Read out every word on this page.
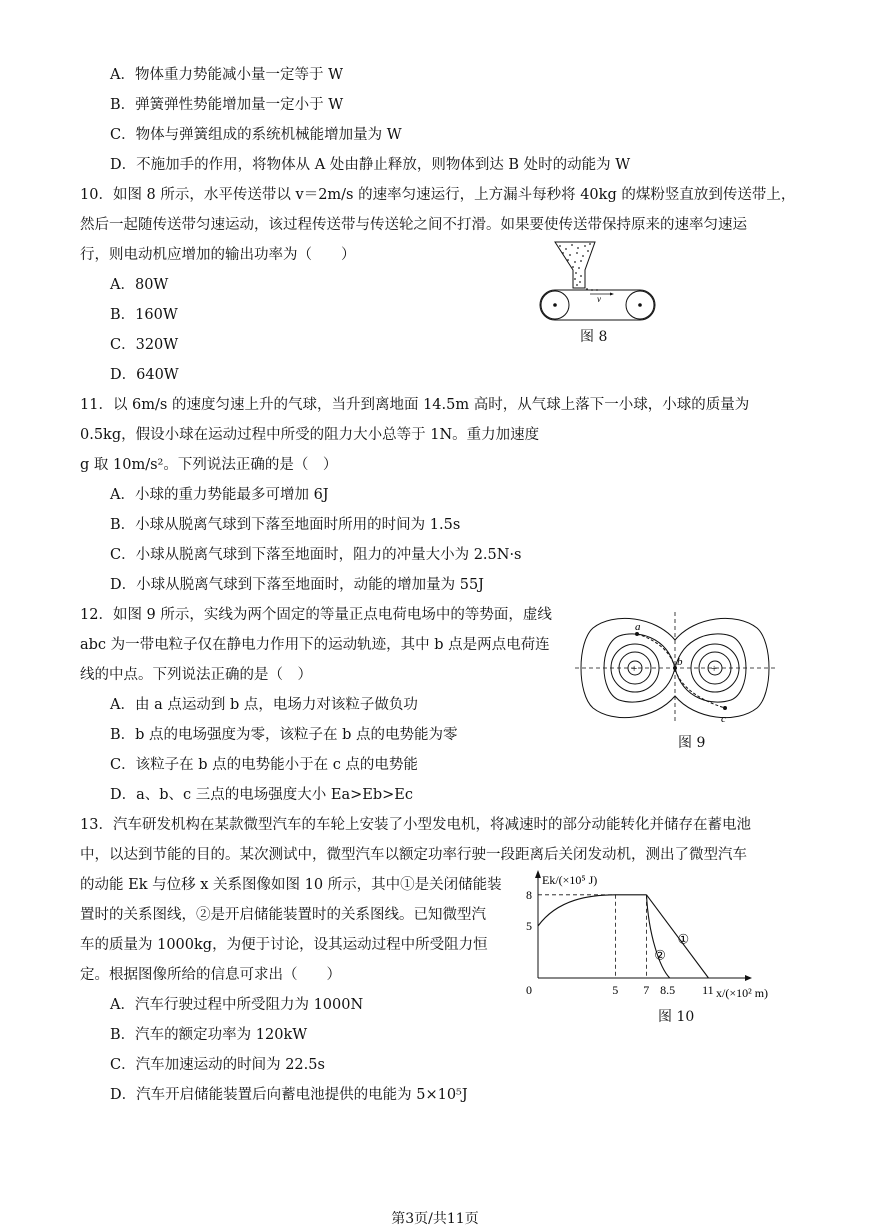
A．物体重力势能减小量一定等于 W
B．弹簧弹性势能增加量一定小于 W
C．物体与弹簧组成的系统机械能增加量为 W
D．不施加手的作用，将物体从 A 处由静止释放，则物体到达 B 处时的动能为 W
10．如图 8 所示，水平传送带以 v＝2m/s 的速率匀速运行，上方漏斗每秒将 40kg 的煤粉竖直放到传送带上，
然后一起随传送带匀速运动，该过程传送带与传送轮之间不打滑。如果要使传送带保持原来的速率匀速运
行，则电动机应增加的输出功率为（　　）
A．80W
B．160W
C．320W
D．640W
v
图 8
11．以 6m/s 的速度匀速上升的气球，当升到离地面 14.5m 高时，从气球上落下一小球，小球的质量为
0.5kg，假设小球在运动过程中所受的阻力大小总等于 1N。重力加速度
g 取 10m/s²。下列说法正确的是（　）
A．小球的重力势能最多可增加 6J
B．小球从脱离气球到下落至地面时所用的时间为 1.5s
C．小球从脱离气球到下落至地面时，阻力的冲量大小为 2.5N·s
D．小球从脱离气球到下落至地面时，动能的增加量为 55J
12．如图 9 所示，实线为两个固定的等量正点电荷电场中的等势面，虚线
abc 为一带电粒子仅在静电力作用下的运动轨迹，其中 b 点是两点电荷连
线的中点。下列说法正确的是（　）
A．由 a 点运动到 b 点，电场力对该粒子做负功
B．b 点的电场强度为零，该粒子在 b 点的电势能为零
C．该粒子在 b 点的电势能小于在 c 点的电势能
D．a、b、c 三点的电场强度大小 Ea>Eb>Ec
a
b
c
+	+
图 9
13．汽车研发机构在某款微型汽车的车轮上安装了小型发电机，将减速时的部分动能转化并储存在蓄电池
中，以达到节能的目的。某次测试中，微型汽车以额定功率行驶一段距离后关闭发动机，测出了微型汽车
的动能 Ek 与位移 x 关系图像如图 10 所示，其中①是关闭储能装
置时的关系图线，②是开启储能装置时的关系图线。已知微型汽
车的质量为 1000kg，为便于讨论，设其运动过程中所受阻力恒
定。根据图像所给的信息可求出（　　）
A．汽车行驶过程中所受阻力为 1000N
B．汽车的额定功率为 120kW
C．汽车加速运动的时间为 22.5s
D．汽车开启储能装置后向蓄电池提供的电能为 5×10⁵J
Ek/(×10⁵ J)
x/(×10² m)
0	5 7 8.5 11
5
8
①
②
图 10
第3页/共11页
